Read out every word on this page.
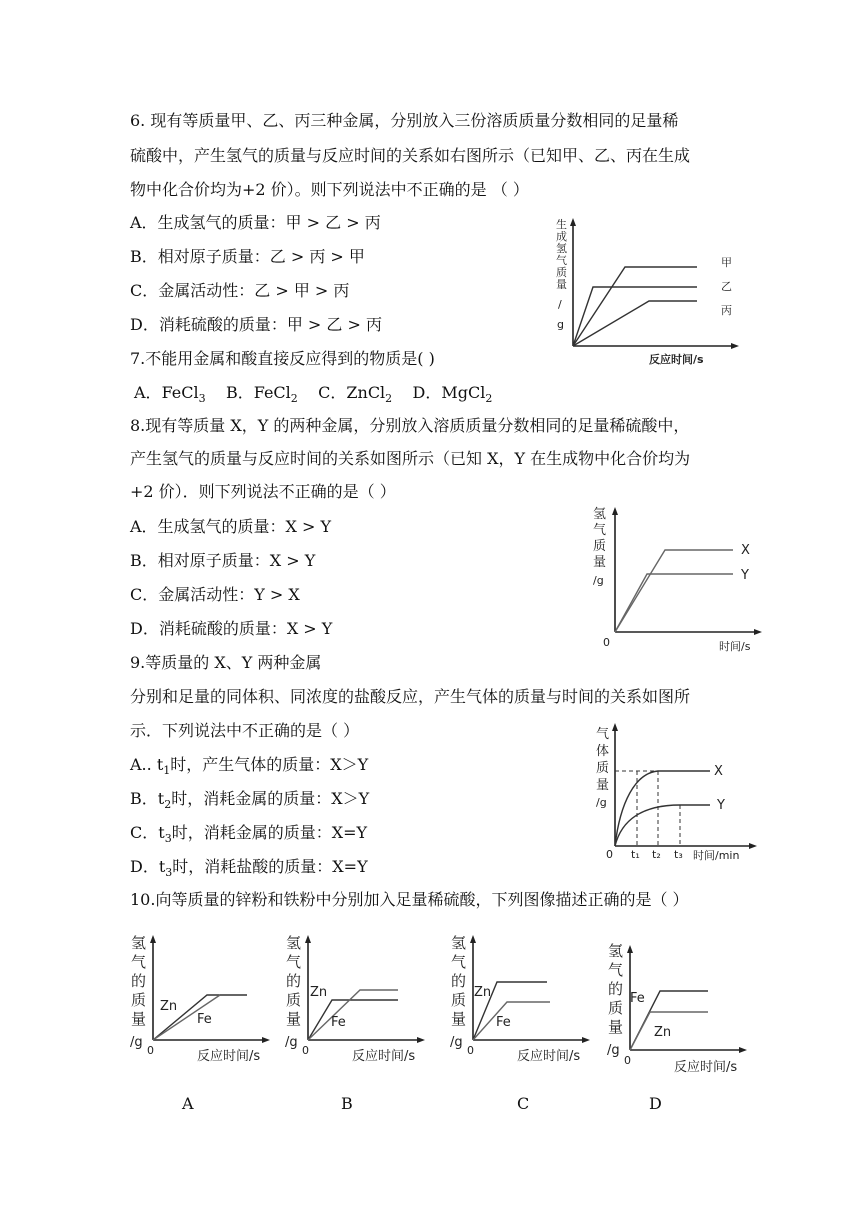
6. 现有等质量甲、乙、丙三种金属，分别放入三份溶质质量分数相同的足量稀
硫酸中，产生氢气的质量与反应时间的关系如右图所示（已知甲、乙、丙在生成
物中化合价均为+2 价）。则下列说法中不正确的是 （ ）
A．生成氢气的质量：甲 > 乙 > 丙
B．相对原子质量：乙 > 丙 > 甲
C．金属活动性：乙 > 甲 > 丙
D．消耗硫酸的质量：甲 > 乙 > 丙
生
成
氢
气
质
量
/
g
甲
乙
丙
反应时间/s
7.不能用金属和酸直接反应得到的物质是( )
A．FeCl$_3$ B．FeCl$_2$ C．ZnCl$_2$ D．MgCl$_2$
8.现有等质量 X，Y 的两种金属，分别放入溶质质量分数相同的足量稀硫酸中，
产生氢气的质量与反应时间的关系如图所示（已知 X，Y 在生成物中化合价均为
+2 价）．则下列说法不正确的是（ ）
A．生成氢气的质量：X > Y
B．相对原子质量：X > Y
C．金属活动性：Y > X
D．消耗硫酸的质量：X > Y
氢
气
质
量
/g
X
Y
0	时间/s
9.等质量的 X、Y 两种金属
分别和足量的同体积、同浓度的盐酸反应，产生气体的质量与时间的关系如图所
示．下列说法中不正确的是（ ）
A.. $t_1$时，产生气体的质量：X＞Y
B．$t_2$时，消耗金属的质量：X＞Y
C．$t_3$时，消耗金属的质量：X=Y
D．$t_3$时，消耗盐酸的质量：X=Y
气
体
质
量
/g
X
Y
0 t₁ t₂ t₃ 时间/min
10.向等质量的锌粉和铁粉中分别加入足量稀硫酸，下列图像描述正确的是（ ）
氢
气
的
质
量
/g
Zn
Fe
0	反应时间/s
A
氢
气
的
质
量
/g
Zn
Fe
0	反应时间/s
B
氢
气
的
质
量
/g
Zn
Fe
0	反应时间/s
C
氢
气
的
质
量
/g
Fe
Zn
0	反应时间/s
D
